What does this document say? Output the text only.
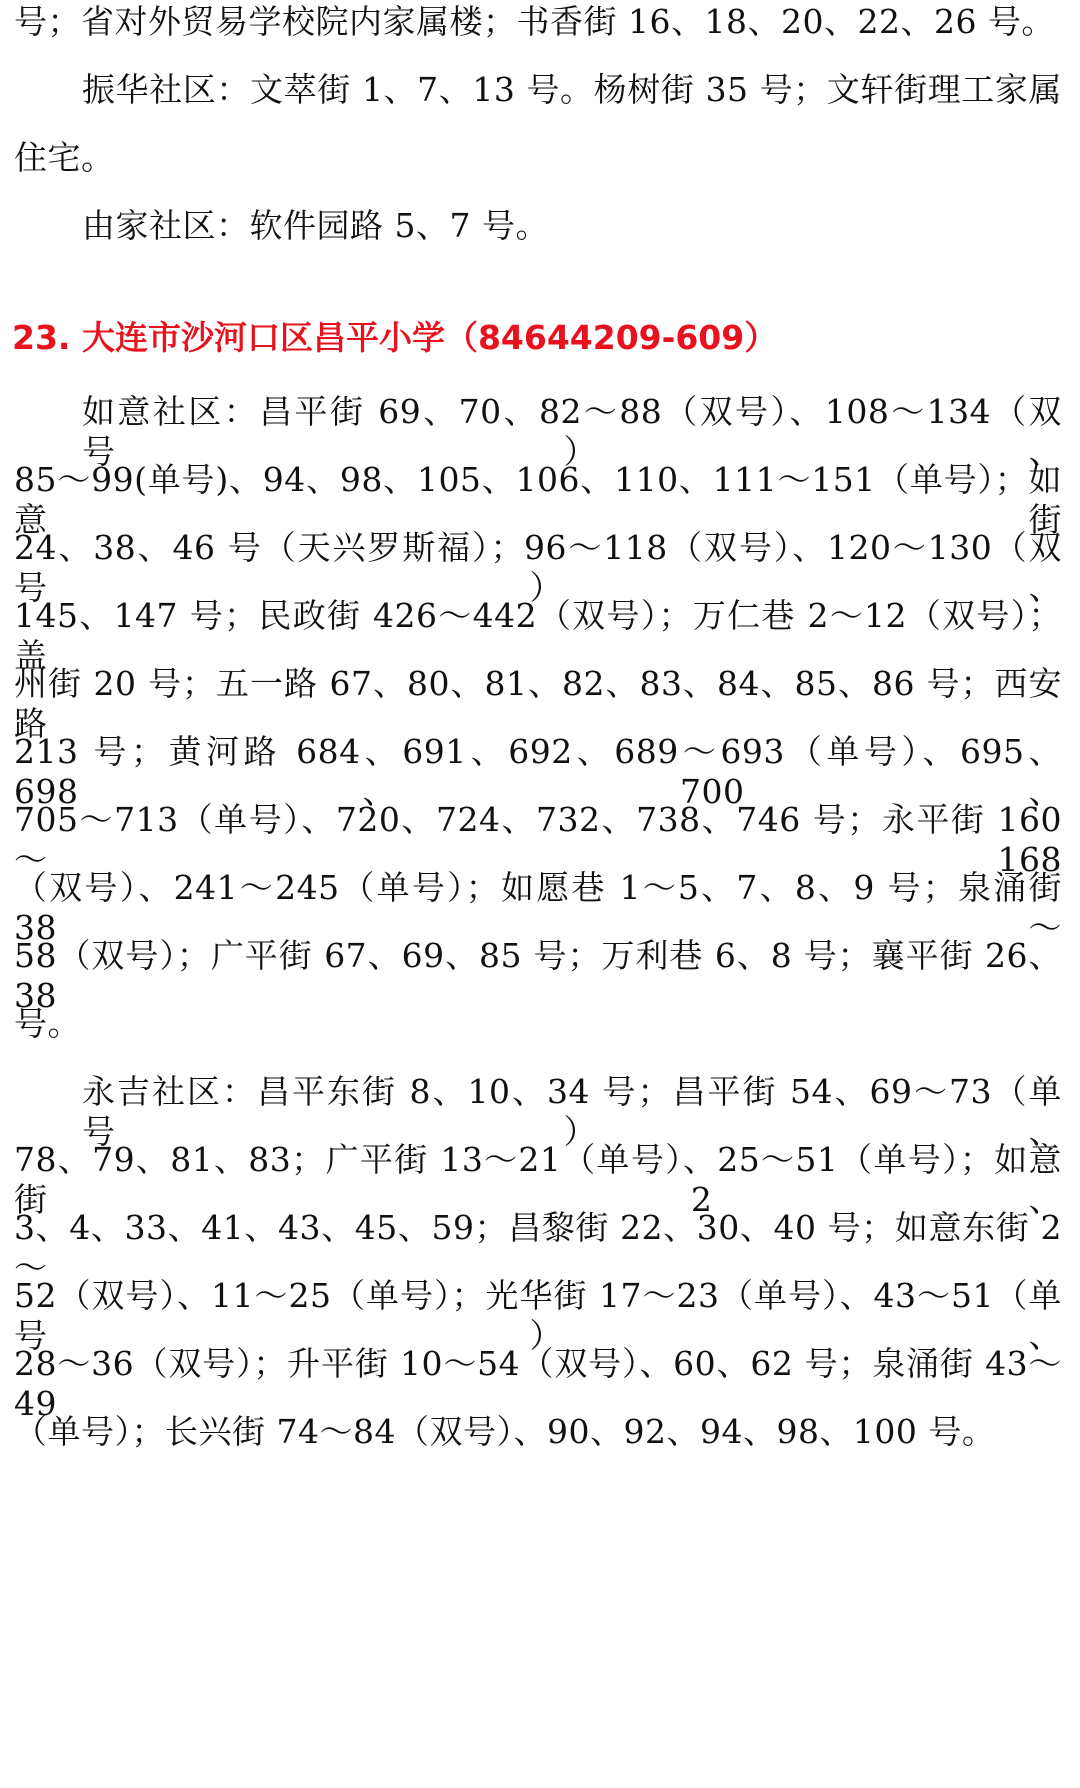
号；省对外贸易学校院内家属楼；书香街 16、18、20、22、26 号。
振华社区：文萃街 1、7、13 号。杨树街 35 号；文轩街理工家属
住宅。
由家社区：软件园路 5、7 号。
23. 大连市沙河口区昌平小学（84644209-609）
如意社区：昌平街 69、70、82～88（双号）、108～134（双号）、
85～99(单号)、94、98、105、106、110、111～151（单号）；如意街
24、38、46 号（天兴罗斯福）；96～118（双号）、120～130（双号）、
145、147 号；民政街 426～442（双号）；万仁巷 2～12（双号）；盖
州街 20 号；五一路 67、80、81、82、83、84、85、86 号；西安路
213 号；黄河路 684、691、692、689～693（单号）、695、698、700、
705～713（单号）、720、724、732、738、746 号；永平街 160～168
（双号）、241～245（单号）；如愿巷 1～5、7、8、9 号；泉涌街 38～
58（双号）；广平街 67、69、85 号；万利巷 6、8 号；襄平街 26、38
号。
永吉社区：昌平东街 8、10、34 号；昌平街 54、69～73（单号）、
78、79、81、83；广平街 13～21（单号）、25～51（单号）；如意街 2、
3、4、33、41、43、45、59；昌黎街 22、30、40 号；如意东街 2～
52（双号）、11～25（单号）；光华街 17～23（单号）、43～51（单号）、
28～36（双号）；升平街 10～54（双号）、60、62 号；泉涌街 43～49
（单号）；长兴街 74～84（双号）、90、92、94、98、100 号。
